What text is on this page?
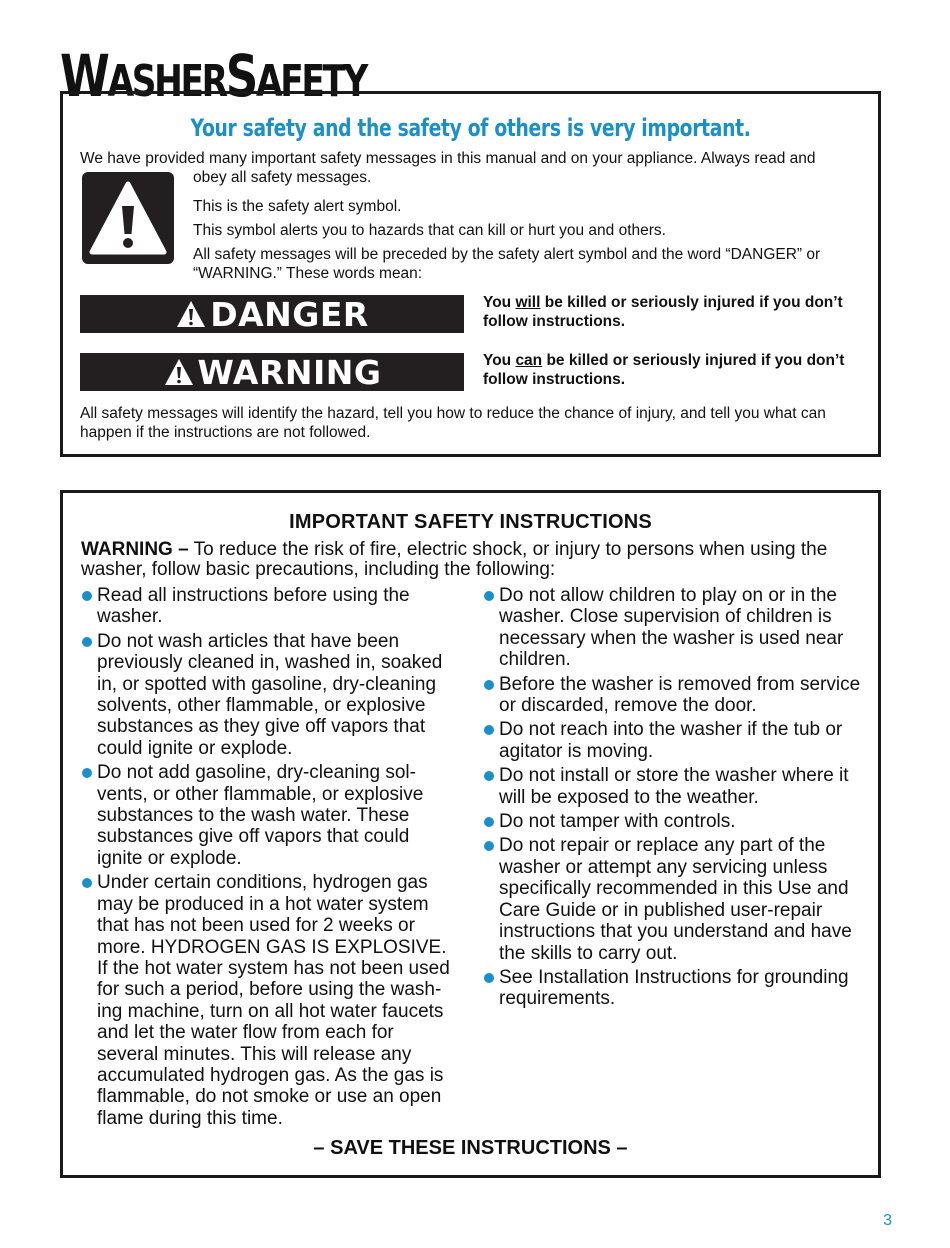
WASHERSAFETY
Your safety and the safety of others is very important.

We have provided many important safety messages in this manual and on your appliance. Always read and

obey all safety messages.

This is the safety alert symbol.

This symbol alerts you to hazards that can kill or hurt you and others.

All safety messages will be preceded by the safety alert symbol and the word “DANGER” or

“WARNING.” These words mean:

DANGER	You will be killed or seriously injured if you don’t
follow instructions.
WARNING	You can be killed or seriously injured if you don’t
follow instructions.

All safety messages will identify the hazard, tell you how to reduce the chance of injury, and tell you what can

happen if the instructions are not followed.

IMPORTANT SAFETY INSTRUCTIONS
WARNING – To reduce the risk of fire, electric shock, or injury to persons when using the washer, follow basic precautions, including the following:
Read all instructions before using the washer.
Do not wash articles that have been previously cleaned in, washed in, soaked in, or spotted with gasoline, dry-cleaning solvents, other flammable, or explosive substances as they give off vapors that could ignite or explode.
Do not add gasoline, dry-cleaning sol-vents, or other flammable, or explosive substances to the wash water. These substances give off vapors that could ignite or explode.
Under certain conditions, hydrogen gas may be produced in a hot water system that has not been used for 2 weeks or more. HYDROGEN GAS IS EXPLOSIVE. If the hot water system has not been used for such a period, before using the wash-ing machine, turn on all hot water faucets and let the water flow from each for several minutes. This will release any accumulated hydrogen gas. As the gas is flammable, do not smoke or use an open flame during this time.
Do not allow children to play on or in the washer. Close supervision of children is necessary when the washer is used near children.
Before the washer is removed from service or discarded, remove the door.
Do not reach into the washer if the tub or agitator is moving.
Do not install or store the washer where it will be exposed to the weather.
Do not tamper with controls.
Do not repair or replace any part of the washer or attempt any servicing unless specifically recommended in this Use and Care Guide or in published user-repair instructions that you understand and have the skills to carry out.
See Installation Instructions for grounding requirements.
– SAVE THESE INSTRUCTIONS –
3
